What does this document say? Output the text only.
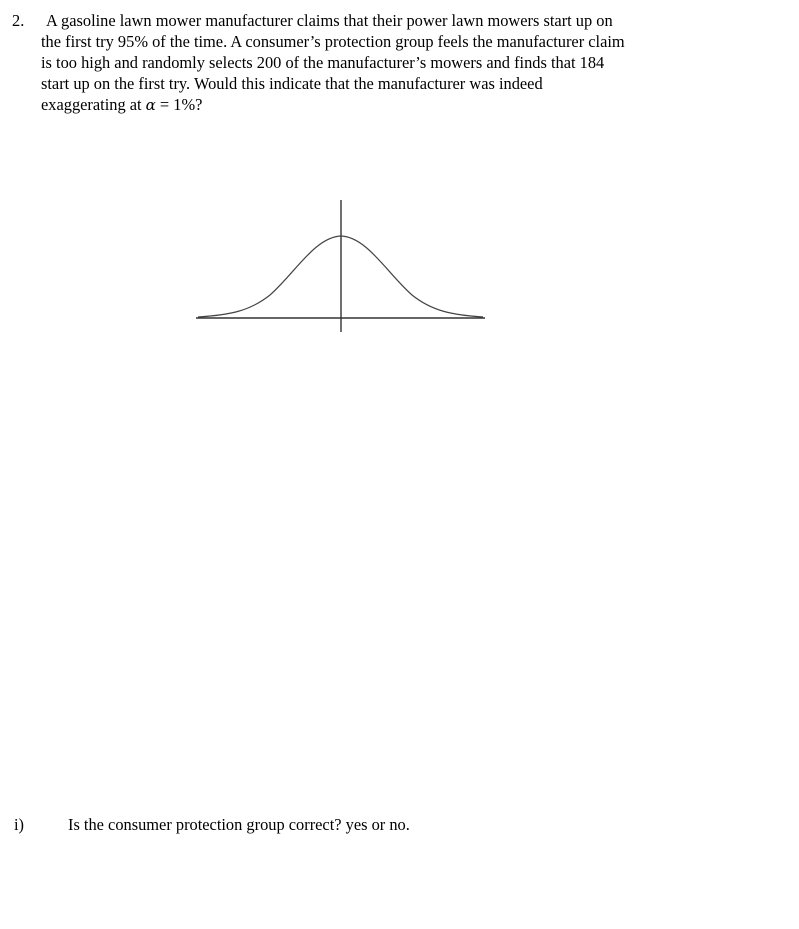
2.	A gasoline lawn mower manufacturer claims that their power lawn mowers start up on
the first try 95% of the time. A consumer’s protection group feels the manufacturer claim
is too high and randomly selects 200 of the manufacturer’s mowers and finds that 184
start up on the first try. Would this indicate that the manufacturer was indeed
exaggerating at α = 1%?
i)	Is the consumer protection group correct? yes or no.
